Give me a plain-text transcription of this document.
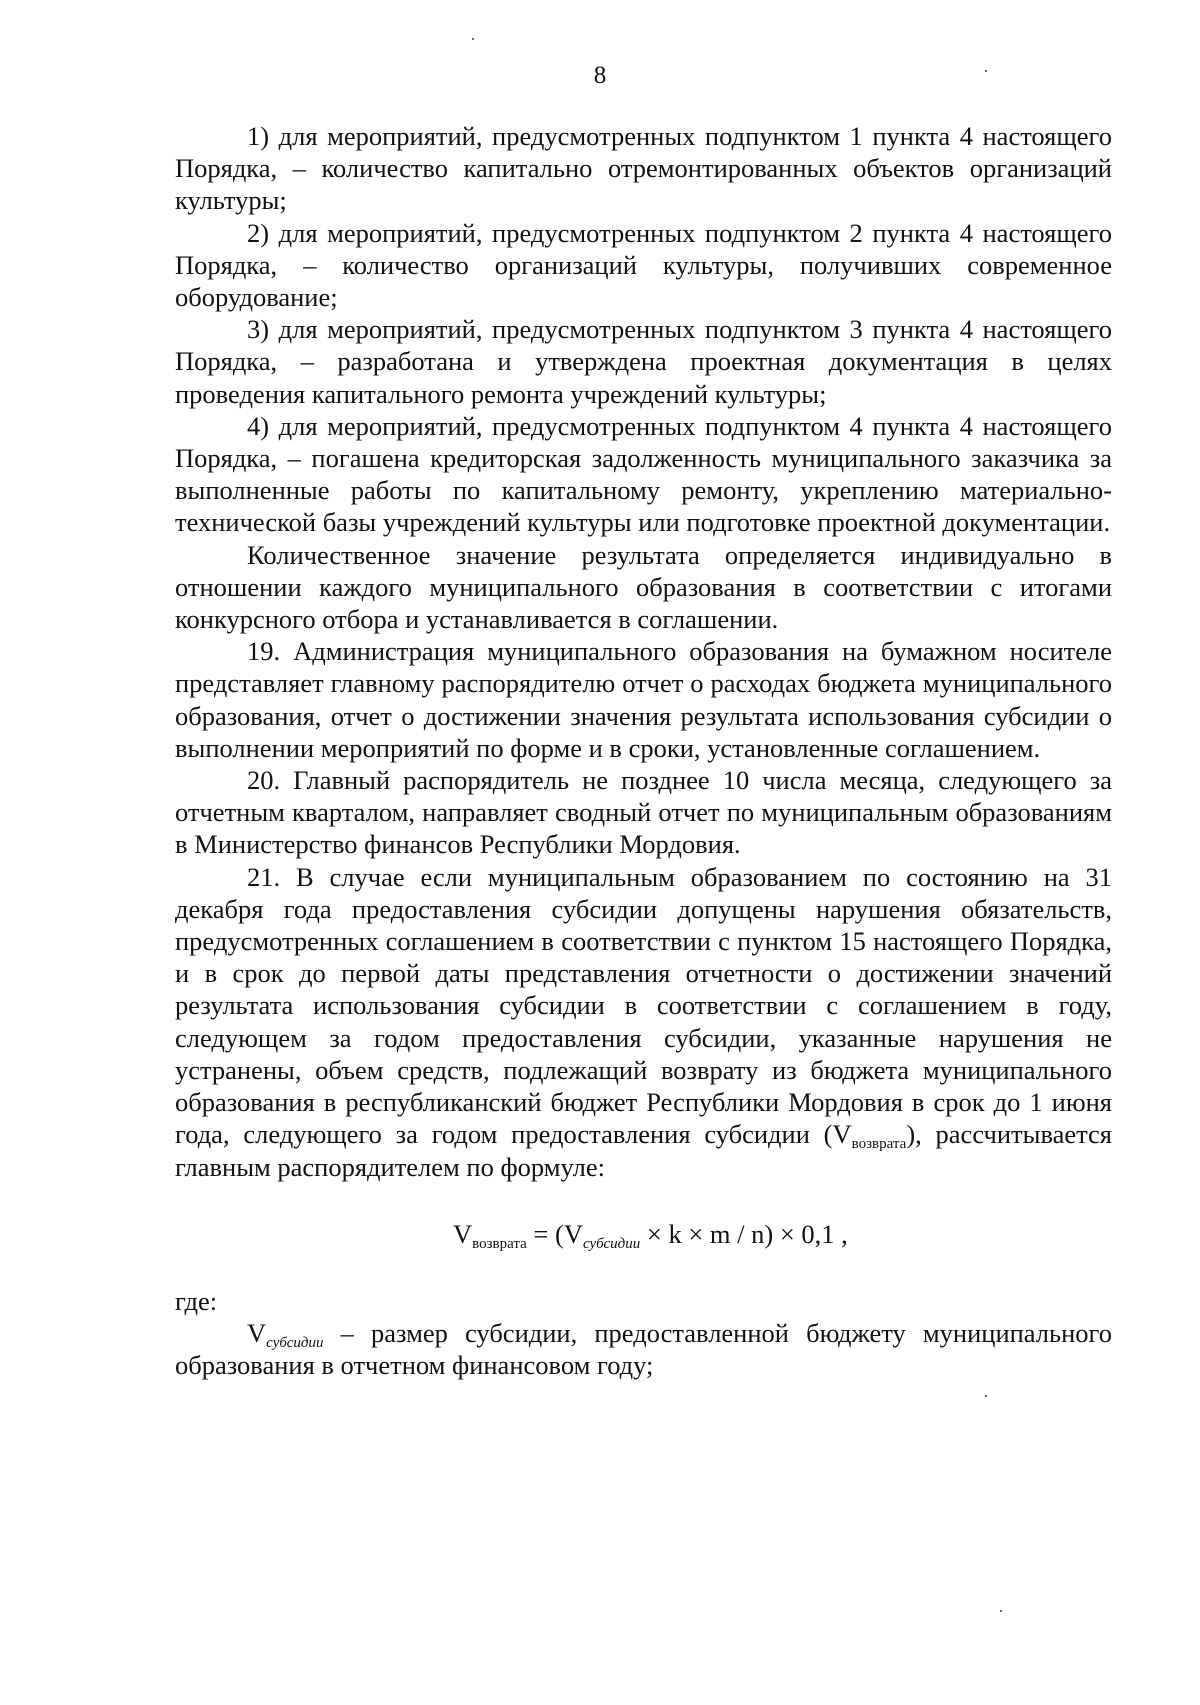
8

1) для мероприятий, предусмотренных подпунктом 1 пункта 4 настоящего Порядка, – количество капитально отремонтированных объектов организаций культуры;

2) для мероприятий, предусмотренных подпунктом 2 пункта 4 настоящего Порядка, – количество организаций культуры, получивших современное оборудование;

3) для мероприятий, предусмотренных подпунктом 3 пункта 4 настоящего Порядка, – разработана и утверждена проектная документация в целях проведения капитального ремонта учреждений культуры;

4) для мероприятий, предусмотренных подпунктом 4 пункта 4 настоящего Порядка, – погашена кредиторская задолженность муниципального заказчика за выполненные работы по капитальному ремонту, укреплению материально-технической базы учреждений культуры или подготовке проектной документации.

Количественное значение результата определяется индивидуально в отношении каждого муниципального образования в соответствии с итогами конкурсного отбора и устанавливается в соглашении.

19. Администрация муниципального образования на бумажном носителе представляет главному распорядителю отчет о расходах бюджета муниципального образования, отчет о достижении значения результата использования субсидии о выполнении мероприятий по форме и в сроки, установленные соглашением.

20. Главный распорядитель не позднее 10 числа месяца, следующего за отчетным кварталом, направляет сводный отчет по муниципальным образованиям в Министерство финансов Республики Мордовия.

21. В случае если муниципальным образованием по состоянию на 31 декабря года предоставления субсидии допущены нарушения обязательств, предусмотренных соглашением в соответствии с пунктом 15 настоящего Порядка, и в срок до первой даты представления отчетности о достижении значений результата использования субсидии в соответствии с соглашением в году, следующем за годом предоставления субсидии, указанные нарушения не устранены, объем средств, подлежащий возврату из бюджета муниципального образования в республиканский бюджет Республики Мордовия в срок до 1 июня года, следующего за годом предоставления субсидии $(V_{возврата})$, рассчитывается главным распорядителем по формуле:

$V_{возврата} = (V_{субсидии} \times k \times m / n) \times 0,1$ ,

где:

$V_{субсидии}$ – размер субсидии, предоставленной бюджету муниципального образования в отчетном финансовом году;
